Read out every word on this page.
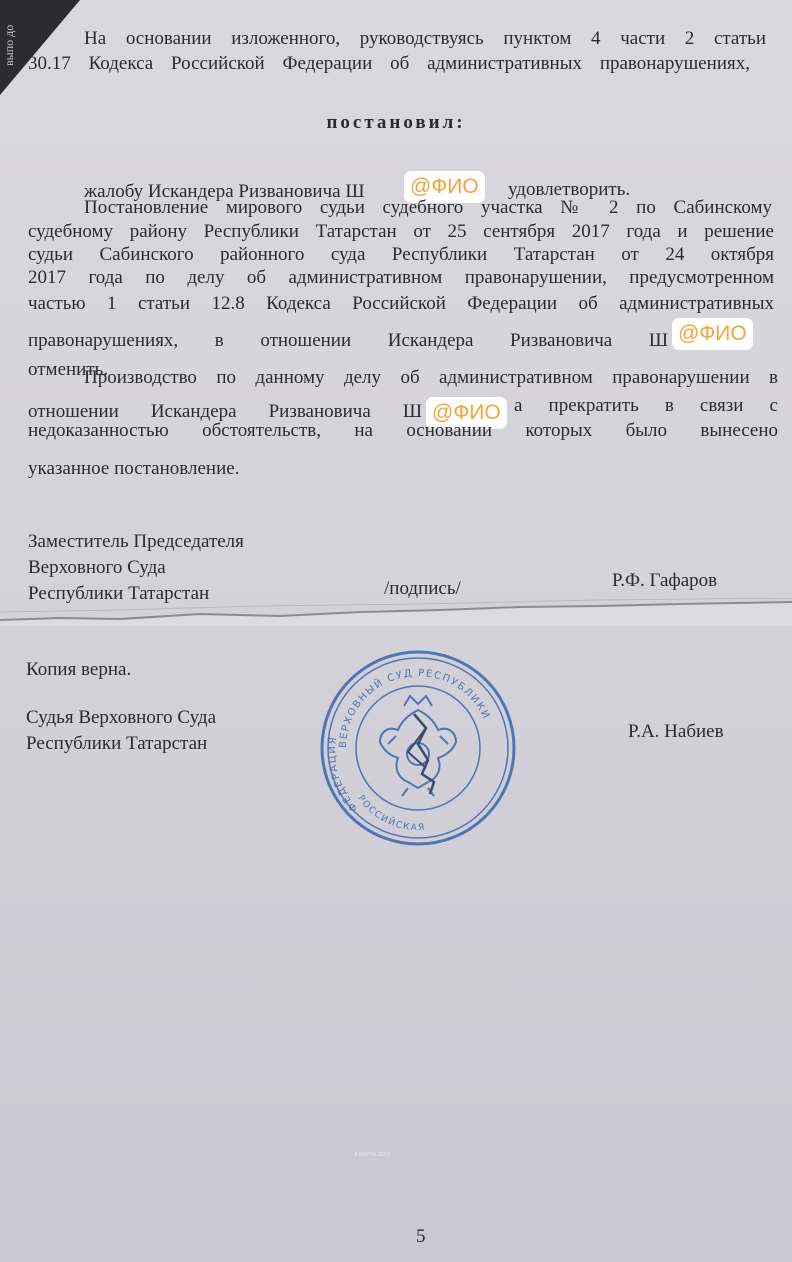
выпо до	На основании изложенного, руководствуясь пунктом 4 части 2 статьи
30.17 Кодекса Российской Федерации об административных правонарушениях,
постановил:
жалобу Искандера Ризвановича Ш @ФИО	удовлетворить.
Постановление мирового судьи судебного участка № 2 по Сабинскому
судебному району Республики Татарстан от 25 сентября 2017 года и решение
судьи Сабинского районного суда Республики Татарстан от 24 октября
2017 года по делу об административном правонарушении, предусмотренном
частью 1 статьи 12.8 Кодекса Российской Федерации об административных
правонарушениях, в отношении Искандера Ризвановича Ш @ФИО
отменить.
Производство по данному делу об административном правонарушении в
отношении Искандера Ризвановича Ш @ФИО а прекратить в связи с
недоказанностью обстоятельств, на основании которых было вынесено
указанное постановление.
Заместитель Председателя
Верховного Суда
Республики Татарстан	/подпись/	Р.Ф. Гафаров
Копия верна.
Судья Верховного Суда
Республики Татарстан
Р.А. Набиев
ВЕРХОВНЫЙ СУД РЕСПУБЛИКИ
ФЕДЕРАЦИЯ
РОССИЙСКАЯ
©МАРТА 2007
5
